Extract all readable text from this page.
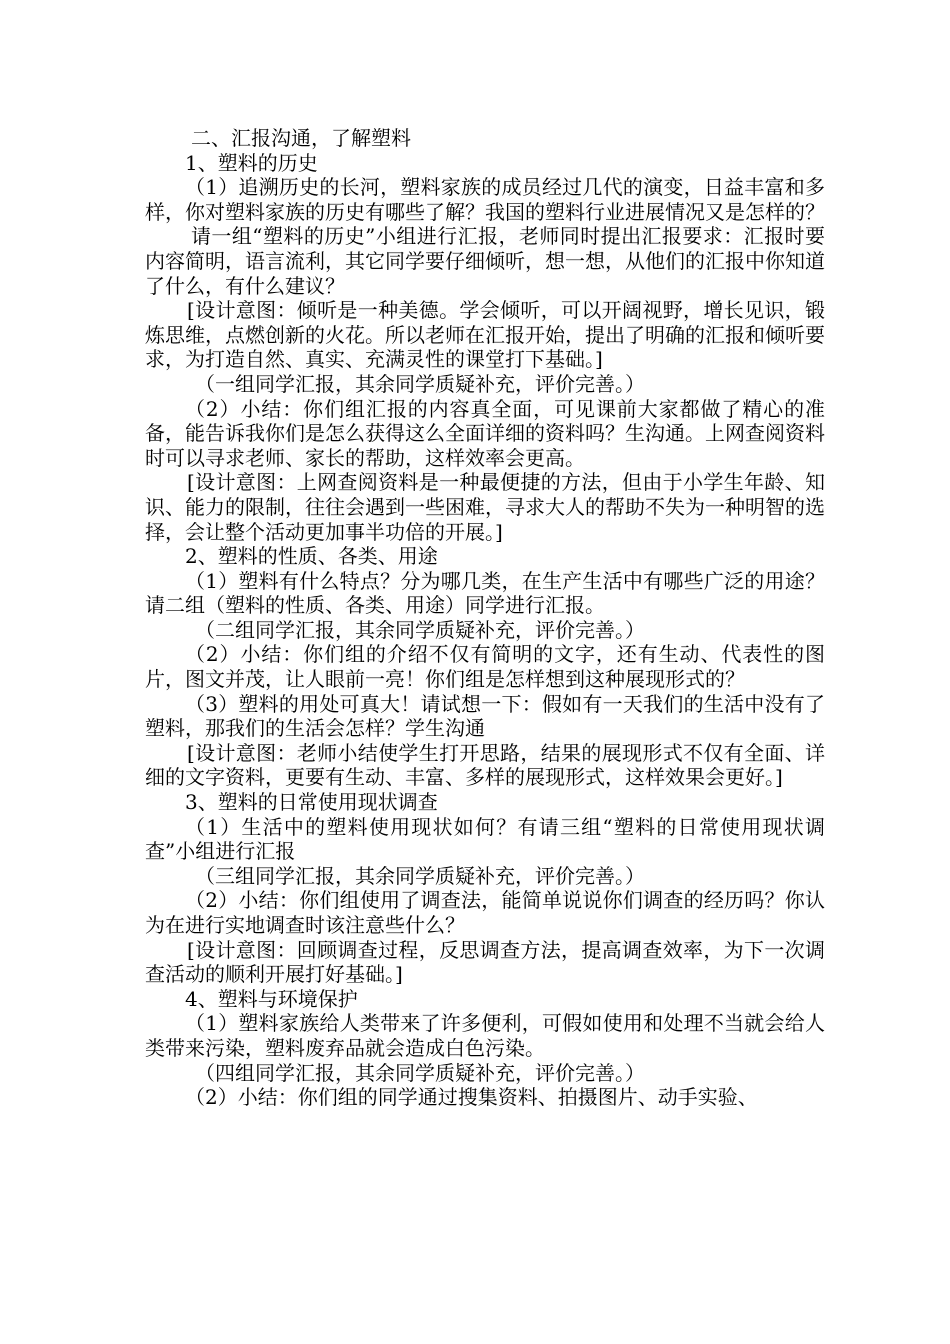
二、汇报沟通，了解塑料

1、塑料的历史

（1）追溯历史的长河，塑料家族的成员经过几代的演变，日益丰富和多样，你对塑料家族的历史有哪些了解？我国的塑料行业进展情况又是怎样的？

请一组“塑料的历史”小组进行汇报，老师同时提出汇报要求：汇报时要内容简明，语言流利，其它同学要仔细倾听，想一想，从他们的汇报中你知道了什么，有什么建议？

[设计意图：倾听是一种美德。学会倾听，可以开阔视野，增长见识，锻炼思维，点燃创新的火花。所以老师在汇报开始，提出了明确的汇报和倾听要求，为打造自然、真实、充满灵性的课堂打下基础。]

（一组同学汇报，其余同学质疑补充，评价完善。）

（2）小结：你们组汇报的内容真全面，可见课前大家都做了精心的准备，能告诉我你们是怎么获得这么全面详细的资料吗？生沟通。上网查阅资料时可以寻求老师、家长的帮助，这样效率会更高。

[设计意图：上网查阅资料是一种最便捷的方法，但由于小学生年龄、知识、能力的限制，往往会遇到一些困难，寻求大人的帮助不失为一种明智的选择，会让整个活动更加事半功倍的开展。]

2、塑料的性质、各类、用途

（1）塑料有什么特点？分为哪几类，在生产生活中有哪些广泛的用途？请二组（塑料的性质、各类、用途）同学进行汇报。

（二组同学汇报，其余同学质疑补充，评价完善。）

（2）小结：你们组的介绍不仅有简明的文字，还有生动、代表性的图片，图文并茂，让人眼前一亮！你们组是怎样想到这种展现形式的？

（3）塑料的用处可真大！请试想一下：假如有一天我们的生活中没有了塑料，那我们的生活会怎样？学生沟通

[设计意图：老师小结使学生打开思路，结果的展现形式不仅有全面、详细的文字资料，更要有生动、丰富、多样的展现形式，这样效果会更好。]

3、塑料的日常使用现状调查

（1）生活中的塑料使用现状如何？有请三组“塑料的日常使用现状调查”小组进行汇报

（三组同学汇报，其余同学质疑补充，评价完善。）

（2）小结：你们组使用了调查法，能简单说说你们调查的经历吗？你认为在进行实地调查时该注意些什么？

[设计意图：回顾调查过程，反思调查方法，提高调查效率，为下一次调查活动的顺利开展打好基础。]

4、塑料与环境保护

（1）塑料家族给人类带来了许多便利，可假如使用和处理不当就会给人类带来污染，塑料废弃品就会造成白色污染。

（四组同学汇报，其余同学质疑补充，评价完善。）

（2）小结：你们组的同学通过搜集资料、拍摄图片、动手实验、
